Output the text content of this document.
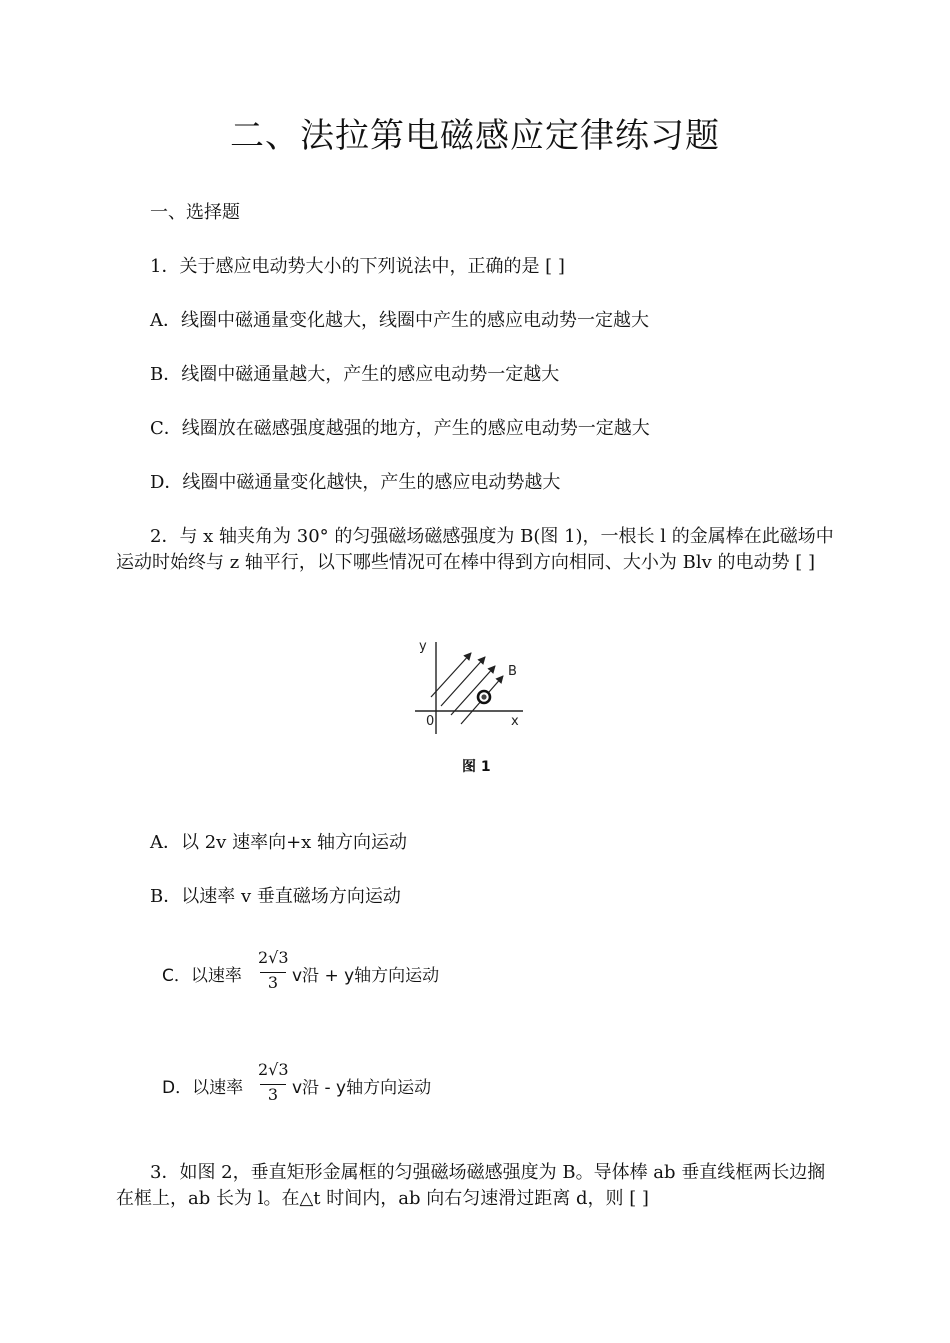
二、法拉第电磁感应定律练习题
一、选择题
1．关于感应电动势大小的下列说法中，正确的是 [ ]
A．线圈中磁通量变化越大，线圈中产生的感应电动势一定越大
B．线圈中磁通量越大，产生的感应电动势一定越大
C．线圈放在磁感强度越强的地方，产生的感应电动势一定越大
D．线圈中磁通量变化越快，产生的感应电动势越大
2．与 x 轴夹角为 30° 的匀强磁场磁感强度为 B(图 1)，一根长 l 的金属棒在此磁场中运动时始终与 z 轴平行，以下哪些情况可在棒中得到方向相同、大小为 Blv 的电动势 [ ]
y
x
0
B
图 1
A．以 2v 速率向+x 轴方向运动
B．以速率 v 垂直磁场方向运动
C．以速率
2√3
3 v沿 + y轴方向运动
D．以速率
2√3
3 v沿 - y轴方向运动
3．如图 2，垂直矩形金属框的匀强磁场磁感强度为 B。导体棒 ab 垂直线框两长边搁在框上，ab 长为 l。在△t 时间内，ab 向右匀速滑过距离 d，则 [ ]
